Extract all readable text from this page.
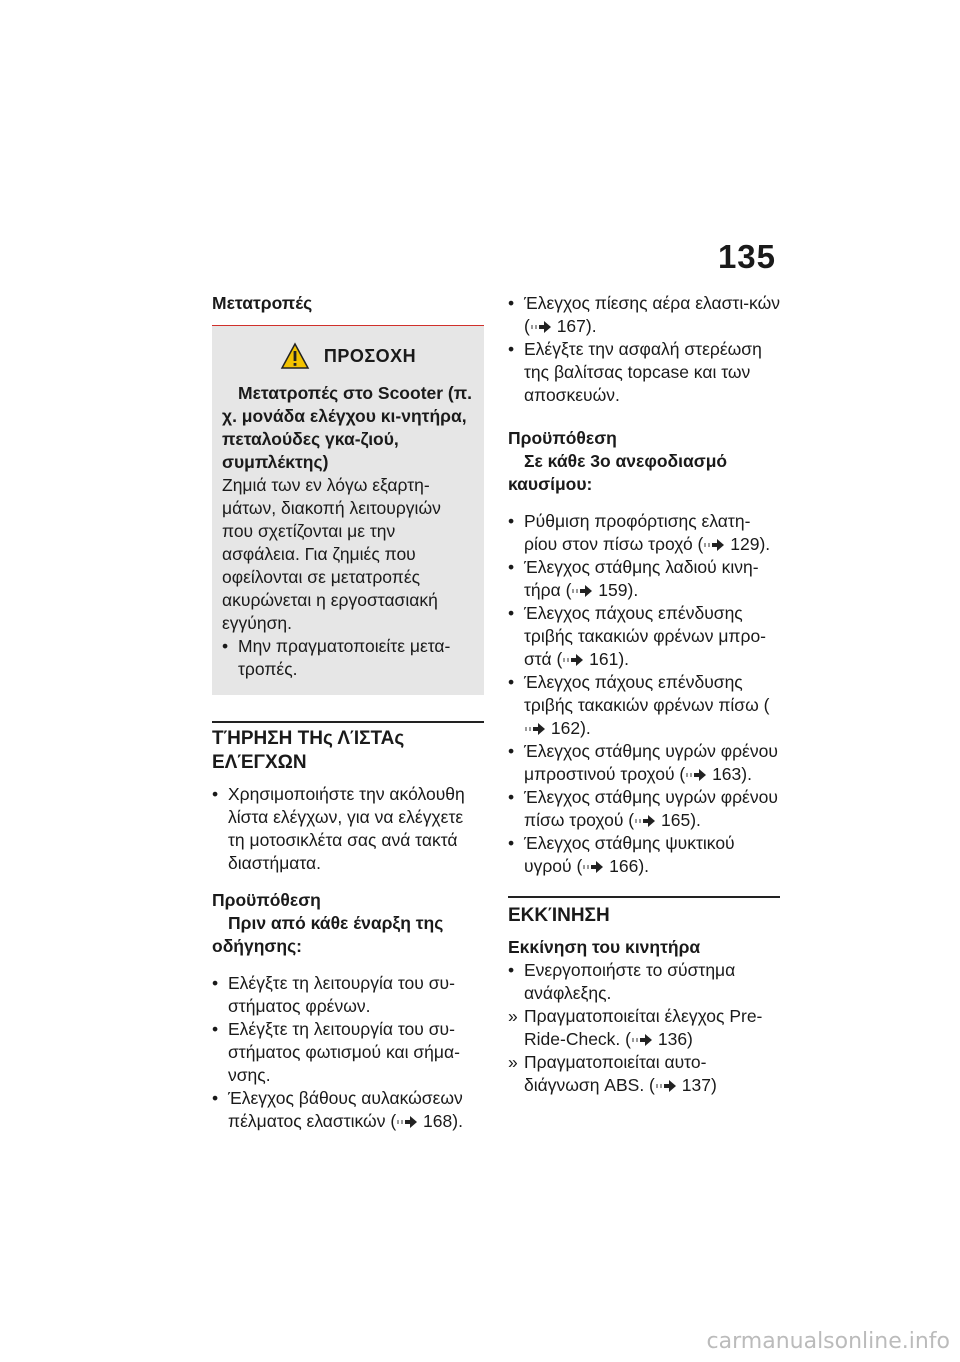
135
Μετατροπές
ΠΡΟΣΟΧΗ

Μετατροπές στο Scooter (π. χ. μονάδα ελέγχου κι-νητήρα, πεταλούδες γκα-ζιού, συμπλέκτης)

Ζημιά των εν λόγω εξαρτη-μάτων, διακοπή λειτουργιών που σχετίζονται με την ασφάλεια. Για ζημιές που οφείλονται σε μετατροπές ακυρώνεται η εργοστασιακή εγγύηση.

• Μην πραγματοποιείτε μετα-τροπές.
ΤΉΡΗΣΗ ΤΗς ΛΊΣΤΑς ΕΛΈΓΧΩΝ
• Χρησιμοποιήστε την ακόλουθη λίστα ελέγχων, για να ελέγχετε τη μοτοσικλέτα σας ανά τακτά διαστήματα.
Προϋπόθεση
Πριν από κάθε έναρξη της
οδήγησης:
• Ελέγξτε τη λειτουργία του συ-στήματος φρένων.
• Ελέγξτε τη λειτουργία του συ-στήματος φωτισμού και σήμα-νσης.
• Έλεγχος βάθους αυλακώσεων πέλματος ελαστικών ( 168).
• Έλεγχος πίεσης αέρα ελαστι-κών ( 167).
• Ελέγξτε την ασφαλή στερέωση της βαλίτσας topcase και των αποσκευών.
Προϋπόθεση
Σε κάθε 3ο ανεφοδιασμό
καυσίμου:
• Ρύθμιση προφόρτισης ελατη-ρίου στον πίσω τροχό ( 129).
• Έλεγχος στάθμης λαδιού κινη-τήρα ( 159).
• Έλεγχος πάχους επένδυσης τριβής τακακιών φρένων μπρο-στά ( 161).
• Έλεγχος πάχους επένδυσης τριβής τακακιών φρένων πίσω ( 162).
• Έλεγχος στάθμης υγρών φρένου μπροστινού τροχού ( 163).
• Έλεγχος στάθμης υγρών φρένου πίσω τροχού ( 165).
• Έλεγχος στάθμης ψυκτικού υγρού ( 166).
ΕΚΚΊΝΗΣΗ
Εκκίνηση του κινητήρα
• Ενεργοποιήστε το σύστημα ανάφλεξης.
» Πραγματοποιείται έλεγχος Pre-Ride-Check. ( 136)
» Πραγματοποιείται αυτο-διάγνωση ABS. ( 137)
carmanualsonline.info
